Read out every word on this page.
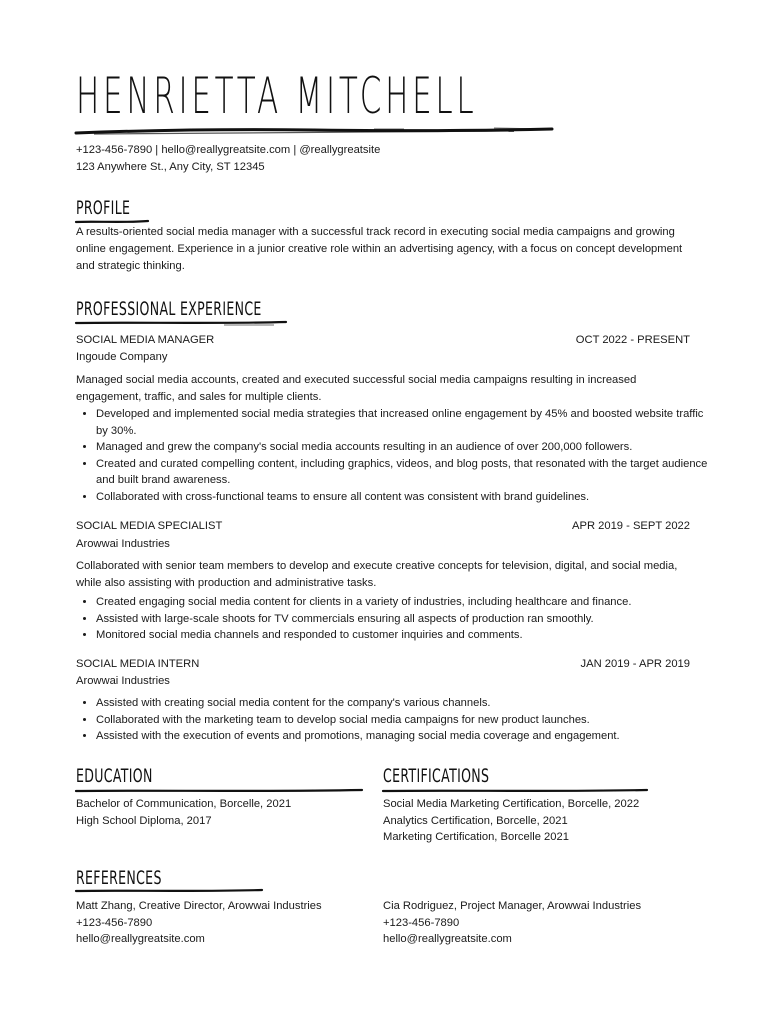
HENRIETTA MITCHELL
+123-456-7890 | hello@reallygreatsite.com | @reallygreatsite
123 Anywhere St., Any City, ST 12345
PROFILE
A results-oriented social media manager with a successful track record in executing social media campaigns and growing online engagement. Experience in a junior creative role within an advertising agency, with a focus on concept development and strategic thinking.
PROFESSIONAL EXPERIENCE
SOCIAL MEDIA MANAGER	OCT 2022 - PRESENT
Ingoude Company
Managed social media accounts, created and executed successful social media campaigns resulting in increased engagement, traffic, and sales for multiple clients.
• Developed and implemented social media strategies that increased online engagement by 45% and boosted website traffic by 30%.
• Managed and grew the company's social media accounts resulting in an audience of over 200,000 followers.
• Created and curated compelling content, including graphics, videos, and blog posts, that resonated with the target audience and built brand awareness.
• Collaborated with cross-functional teams to ensure all content was consistent with brand guidelines.
SOCIAL MEDIA SPECIALIST	APR 2019 - SEPT 2022
Arowwai Industries
Collaborated with senior team members to develop and execute creative concepts for television, digital, and social media, while also assisting with production and administrative tasks.
• Created engaging social media content for clients in a variety of industries, including healthcare and finance.
• Assisted with large-scale shoots for TV commercials ensuring all aspects of production ran smoothly.
• Monitored social media channels and responded to customer inquiries and comments.
SOCIAL MEDIA INTERN	JAN 2019 - APR 2019
Arowwai Industries
• Assisted with creating social media content for the company's various channels.
• Collaborated with the marketing team to develop social media campaigns for new product launches.
• Assisted with the execution of events and promotions, managing social media coverage and engagement.
EDUCATION
Bachelor of Communication, Borcelle, 2021
High School Diploma, 2017
CERTIFICATIONS
Social Media Marketing Certification, Borcelle, 2022
Analytics Certification, Borcelle, 2021
Marketing Certification, Borcelle 2021
REFERENCES
Matt Zhang, Creative Director, Arowwai Industries
+123-456-7890
hello@reallygreatsite.com
Cia Rodriguez, Project Manager, Arowwai Industries
+123-456-7890
hello@reallygreatsite.com
